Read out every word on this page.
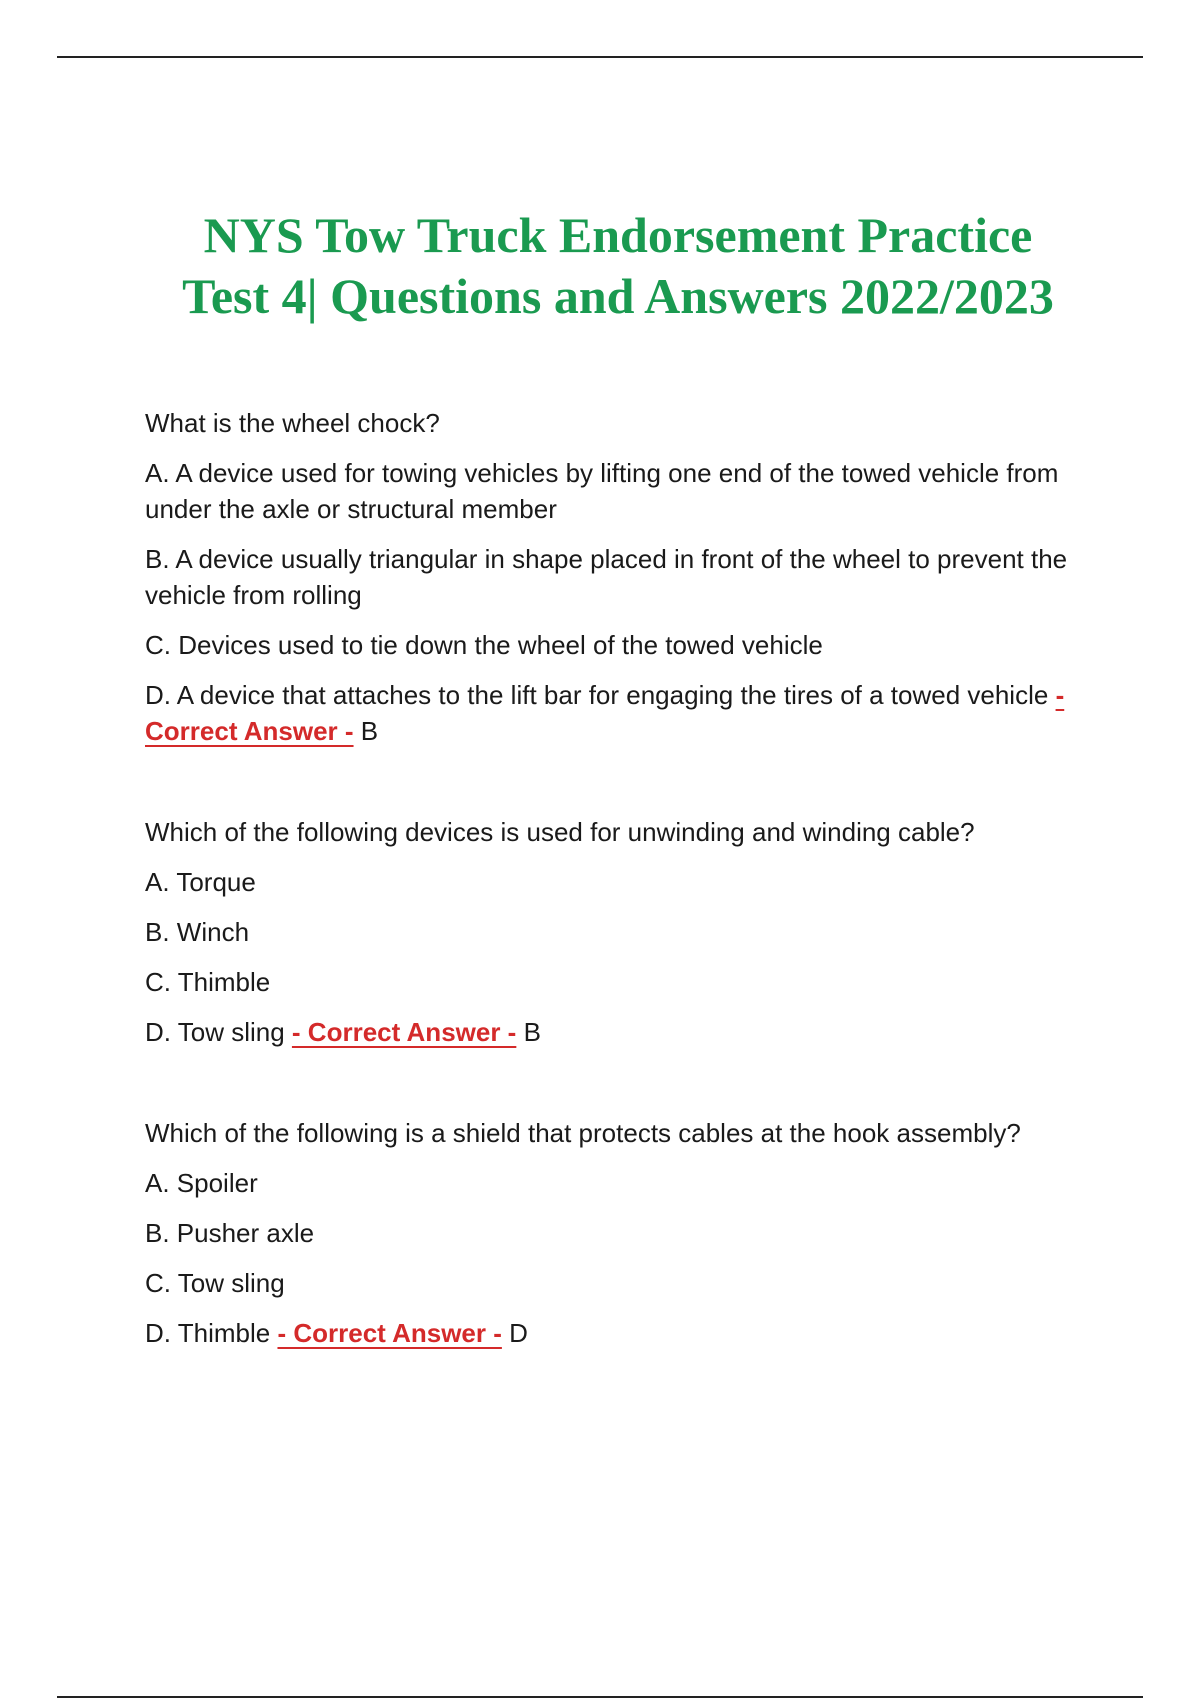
NYS Tow Truck Endorsement Practice
Test 4| Questions and Answers 2022/2023

What is the wheel chock?

A. A device used for towing vehicles by lifting one end of the towed vehicle from under the axle or structural member

B. A device usually triangular in shape placed in front of the wheel to prevent the vehicle from rolling

C. Devices used to tie down the wheel of the towed vehicle

D. A device that attaches to the lift bar for engaging the tires of a towed vehicle - Correct Answer - B

Which of the following devices is used for unwinding and winding cable?

A. Torque

B. Winch

C. Thimble

D. Tow sling - Correct Answer - B

Which of the following is a shield that protects cables at the hook assembly?

A. Spoiler

B. Pusher axle

C. Tow sling

D. Thimble - Correct Answer - D
